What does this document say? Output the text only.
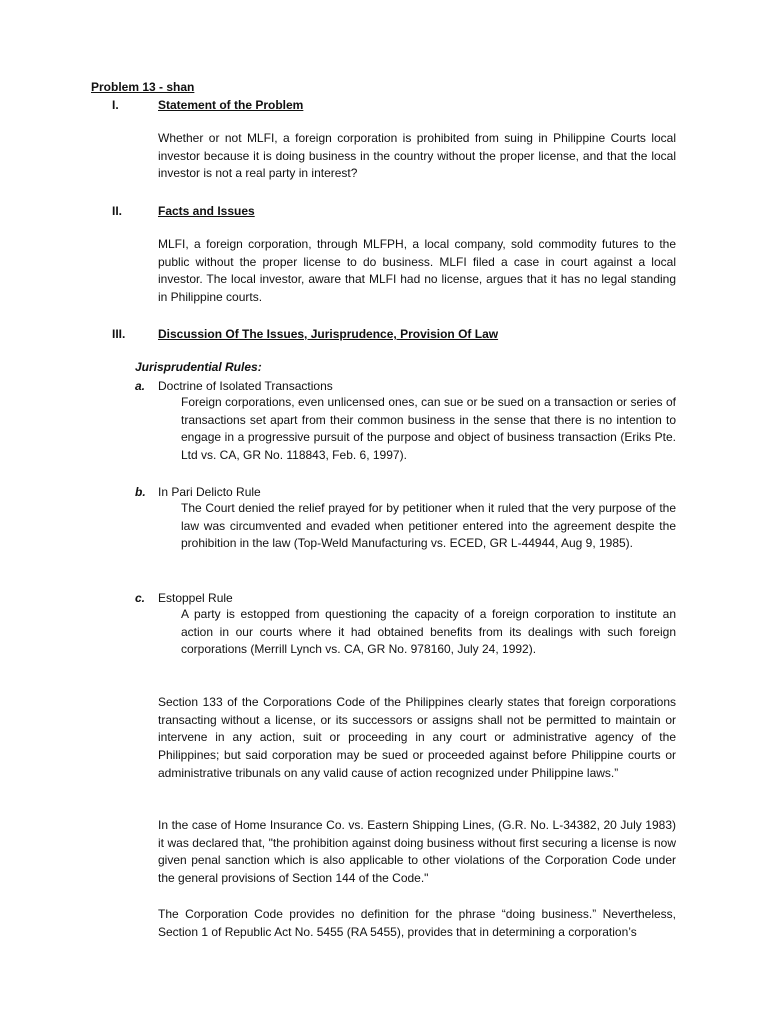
Problem 13 - shan
I.	Statement of the Problem

Whether or not MLFI, a foreign corporation is prohibited from suing in Philippine Courts local investor because it is doing business in the country without the proper license, and that the local investor is not a real party in interest?

II.	Facts and Issues

MLFI, a foreign corporation, through MLFPH, a local company, sold commodity futures to the public without the proper license to do business. MLFI filed a case in court against a local investor. The local investor, aware that MLFI had no license, argues that it has no legal standing in Philippine courts.

III.	Discussion Of The Issues, Jurisprudence, Provision Of Law
Jurisprudential Rules:
a. Doctrine of Isolated Transactions

Foreign corporations, even unlicensed ones, can sue or be sued on a transaction or series of transactions set apart from their common business in the sense that there is no intention to engage in a progressive pursuit of the purpose and object of business transaction (Eriks Pte. Ltd vs. CA, GR No. 118843, Feb. 6, 1997).

b. In Pari Delicto Rule

The Court denied the relief prayed for by petitioner when it ruled that the very purpose of the law was circumvented and evaded when petitioner entered into the agreement despite the prohibition in the law (Top-Weld Manufacturing vs. ECED, GR L-44944, Aug 9, 1985).

c. Estoppel Rule

A party is estopped from questioning the capacity of a foreign corporation to institute an action in our courts where it had obtained benefits from its dealings with such foreign corporations (Merrill Lynch vs. CA, GR No. 978160, July 24, 1992).

Section 133 of the Corporations Code of the Philippines clearly states that foreign corporations transacting without a license, or its successors or assigns shall not be permitted to maintain or intervene in any action, suit or proceeding in any court or administrative agency of the Philippines; but said corporation may be sued or proceeded against before Philippine courts or administrative tribunals on any valid cause of action recognized under Philippine laws.”

In the case of Home Insurance Co. vs. Eastern Shipping Lines, (G.R. No. L-34382, 20 July 1983) it was declared that, "the prohibition against doing business without first securing a license is now given penal sanction which is also applicable to other violations of the Corporation Code under the general provisions of Section 144 of the Code."

The Corporation Code provides no definition for the phrase “doing business.” Nevertheless, Section 1 of Republic Act No. 5455 (RA 5455), provides that in determining a corporation’s
